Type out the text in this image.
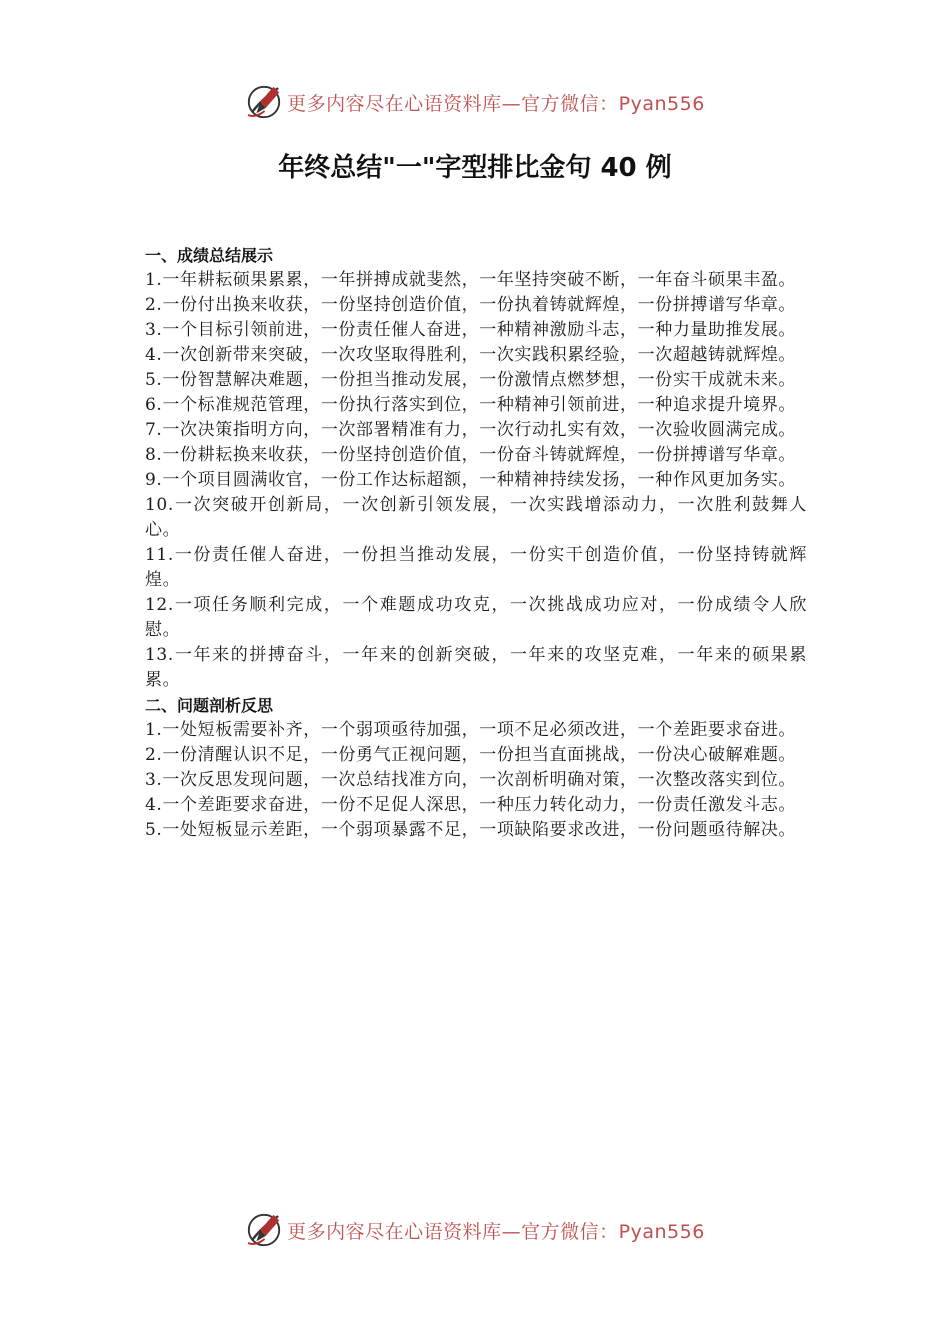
更多内容尽在心语资料库—官方微信：Pyan556
年终总结"一"字型排比金句 40 例
一、成绩总结展示

1.一年耕耘硕果累累，一年拼搏成就斐然，一年坚持突破不断，一年奋斗硕果丰盈。

2.一份付出换来收获，一份坚持创造价值，一份执着铸就辉煌，一份拼搏谱写华章。

3.一个目标引领前进，一份责任催人奋进，一种精神激励斗志，一种力量助推发展。

4.一次创新带来突破，一次攻坚取得胜利，一次实践积累经验，一次超越铸就辉煌。

5.一份智慧解决难题，一份担当推动发展，一份激情点燃梦想，一份实干成就未来。

6.一个标准规范管理，一份执行落实到位，一种精神引领前进，一种追求提升境界。

7.一次决策指明方向，一次部署精准有力，一次行动扎实有效，一次验收圆满完成。

8.一份耕耘换来收获，一份坚持创造价值，一份奋斗铸就辉煌，一份拼搏谱写华章。

9.一个项目圆满收官，一份工作达标超额，一种精神持续发扬，一种作风更加务实。

10.一次突破开创新局，一次创新引领发展，一次实践增添动力，一次胜利鼓舞人心。

11.一份责任催人奋进，一份担当推动发展，一份实干创造价值，一份坚持铸就辉煌。

12.一项任务顺利完成，一个难题成功攻克，一次挑战成功应对，一份成绩令人欣慰。

13.一年来的拼搏奋斗，一年来的创新突破，一年来的攻坚克难，一年来的硕果累累。

二、问题剖析反思

1.一处短板需要补齐，一个弱项亟待加强，一项不足必须改进，一个差距要求奋进。

2.一份清醒认识不足，一份勇气正视问题，一份担当直面挑战，一份决心破解难题。

3.一次反思发现问题，一次总结找准方向，一次剖析明确对策，一次整改落实到位。

4.一个差距要求奋进，一份不足促人深思，一种压力转化动力，一份责任激发斗志。

5.一处短板显示差距，一个弱项暴露不足，一项缺陷要求改进，一份问题亟待解决。

更多内容尽在心语资料库—官方微信：Pyan556
